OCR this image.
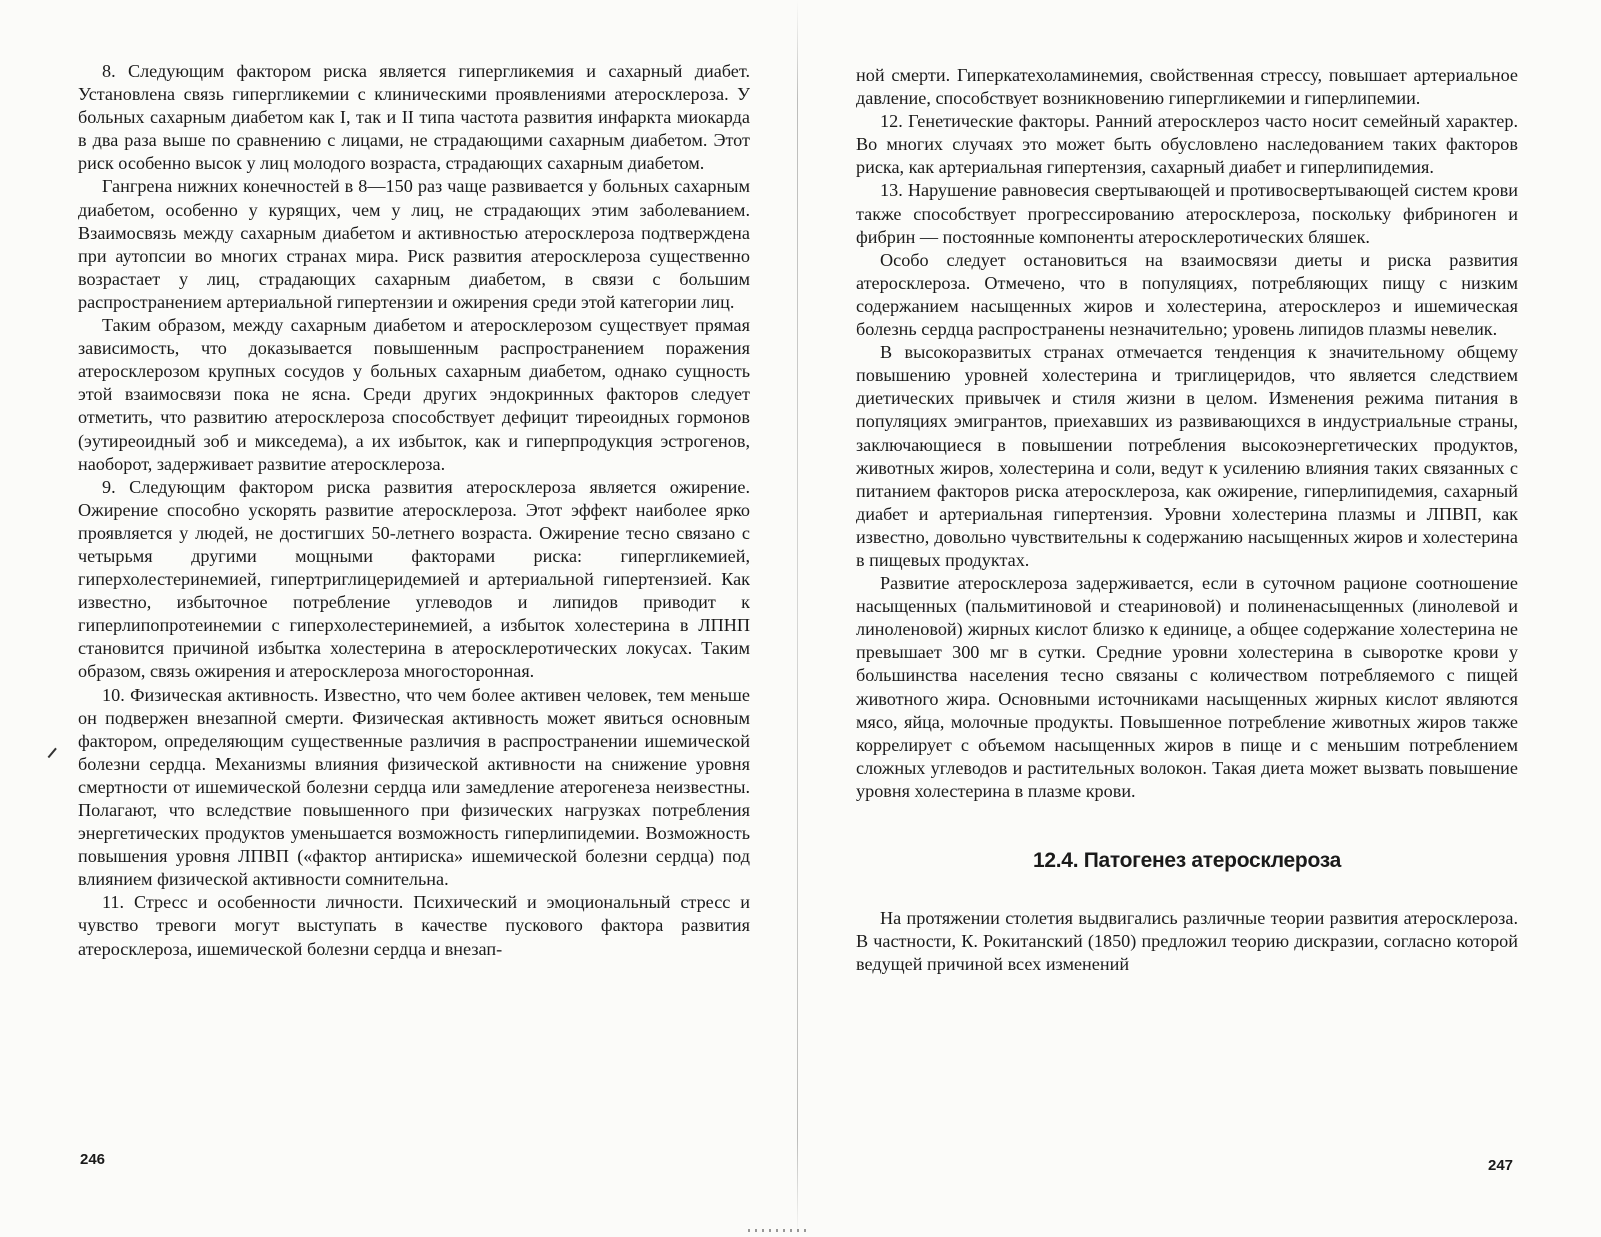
8. Следующим фактором риска является гипергликемия и сахарный диабет. Установлена связь гипергликемии с клиническими проявлениями атеросклероза. У больных сахарным диабетом как I, так и II типа частота развития инфаркта миокарда в два раза выше по сравнению с лицами, не страдающими сахарным диабетом. Этот риск особенно высок у лиц молодого возраста, страдающих сахарным диабетом.

Гангрена нижних конечностей в 8—150 раз чаще развивается у больных сахарным диабетом, особенно у курящих, чем у лиц, не страдающих этим заболеванием. Взаимосвязь между сахарным диабетом и активностью атеросклероза подтверждена при аутопсии во многих странах мира. Риск развития атеросклероза существенно возрастает у лиц, страдающих сахарным диабетом, в связи с большим распространением артериальной гипертензии и ожирения среди этой категории лиц.

Таким образом, между сахарным диабетом и атеросклерозом существует прямая зависимость, что доказывается повышенным распространением поражения атеросклерозом крупных сосудов у больных сахарным диабетом, однако сущность этой взаимосвязи пока не ясна. Среди других эндокринных факторов следует отметить, что развитию атеросклероза способствует дефицит тиреоидных гормонов (эутиреоидный зоб и микседема), а их избыток, как и гиперпродукция эстрогенов, наоборот, задерживает развитие атеросклероза.

9. Следующим фактором риска развития атеросклероза является ожирение. Ожирение способно ускорять развитие атеросклероза. Этот эффект наиболее ярко проявляется у людей, не достигших 50-летнего возраста. Ожирение тесно связано с четырьмя другими мощными факторами риска: гипергликемией, гиперхолестеринемией, гипертриглицеридемией и артериальной гипертензией. Как известно, избыточное потребление углеводов и липидов приводит к гиперлипопротеинемии с гиперхолестеринемией, а избыток холестерина в ЛПНП становится причиной избытка холестерина в атеросклеротических локусах. Таким образом, связь ожирения и атеросклероза многосторонная.

10. Физическая активность. Известно, что чем более активен человек, тем меньше он подвержен внезапной смерти. Физическая активность может явиться основным фактором, определяющим существенные различия в распространении ишемической болезни сердца. Механизмы влияния физической активности на снижение уровня смертности от ишемической болезни сердца или замедление атерогенеза неизвестны. Полагают, что вследствие повышенного при физических нагрузках потребления энергетических продуктов уменьшается возможность гиперлипидемии. Возможность повышения уровня ЛПВП («фактор антириска» ишемической болезни сердца) под влиянием физической активности сомнительна.

11. Стресс и особенности личности. Психический и эмоциональный стресс и чувство тревоги могут выступать в качестве пускового фактора развития атеросклероза, ишемической болезни сердца и внезап-

246

ной смерти. Гиперкатехоламинемия, свойственная стрессу, повышает артериальное давление, способствует возникновению гипергликемии и гиперлипемии.

12. Генетические факторы. Ранний атеросклероз часто носит семейный характер. Во многих случаях это может быть обусловлено наследованием таких факторов риска, как артериальная гипертензия, сахарный диабет и гиперлипидемия.

13. Нарушение равновесия свертывающей и противосвертывающей систем крови также способствует прогрессированию атеросклероза, поскольку фибриноген и фибрин — постоянные компоненты атеросклеротических бляшек.

Особо следует остановиться на взаимосвязи диеты и риска развития атеросклероза. Отмечено, что в популяциях, потребляющих пищу с низким содержанием насыщенных жиров и холестерина, атеросклероз и ишемическая болезнь сердца распространены незначительно; уровень липидов плазмы невелик.

В высокоразвитых странах отмечается тенденция к значительному общему повышению уровней холестерина и триглицеридов, что является следствием диетических привычек и стиля жизни в целом. Изменения режима питания в популяциях эмигрантов, приехавших из развивающихся в индустриальные страны, заключающиеся в повышении потребления высокоэнергетических продуктов, животных жиров, холестерина и соли, ведут к усилению влияния таких связанных с питанием факторов риска атеросклероза, как ожирение, гиперлипидемия, сахарный диабет и артериальная гипертензия. Уровни холестерина плазмы и ЛПВП, как известно, довольно чувствительны к содержанию насыщенных жиров и холестерина в пищевых продуктах.

Развитие атеросклероза задерживается, если в суточном рационе соотношение насыщенных (пальмитиновой и стеариновой) и полиненасыщенных (линолевой и линоленовой) жирных кислот близко к единице, а общее содержание холестерина не превышает 300 мг в сутки. Средние уровни холестерина в сыворотке крови у большинства населения тесно связаны с количеством потребляемого с пищей животного жира. Основными источниками насыщенных жирных кислот являются мясо, яйца, молочные продукты. Повышенное потребление животных жиров также коррелирует с объемом насыщенных жиров в пище и с меньшим потреблением сложных углеводов и растительных волокон. Такая диета может вызвать повышение уровня холестерина в плазме крови.

12.4. Патогенез атеросклероза

На протяжении столетия выдвигались различные теории развития атеросклероза. В частности, К. Рокитанский (1850) предложил теорию дискразии, согласно которой ведущей причиной всех изменений

247
